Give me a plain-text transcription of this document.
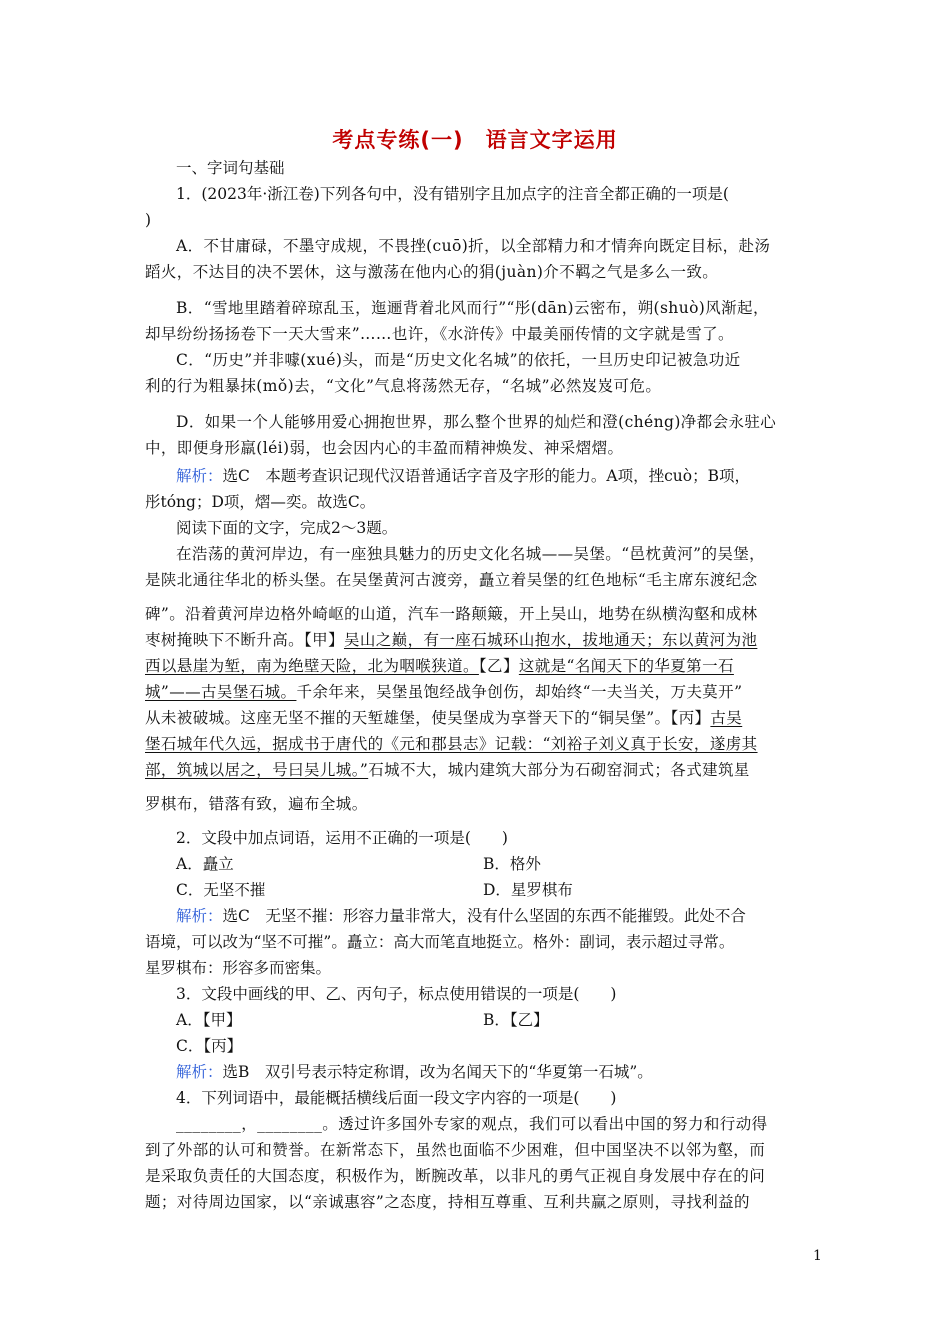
考点专练(一) 语言文字运用
一、字词句基础
1．(2023年·浙江卷)下列各句中，没有错别字且加点字的注音全都正确的一项是(
)
A．不甘庸碌，不墨守成规，不畏挫(cuō)折，以全部精力和才情奔向既定目标，赴汤
蹈火，不达目的决不罢休，这与激荡在他内心的狷(juàn)介不羁之气是多么一致。
B．“雪地里踏着碎琼乱玉，迤逦背着北风而行”“彤(dān)云密布，朔(shuò)风渐起，
却早纷纷扬扬卷下一天大雪来”……也许，《水浒传》中最美丽传情的文字就是雪了。
C．“历史”并非噱(xué)头，而是“历史文化名城”的依托，一旦历史印记被急功近
利的行为粗暴抹(mǒ)去，“文化”气息将荡然无存，“名城”必然岌岌可危。
D．如果一个人能够用爱心拥抱世界，那么整个世界的灿烂和澄(chéng)净都会永驻心
中，即便身形羸(léi)弱，也会因内心的丰盈而精神焕发、神采熠熠。
解析：选C　本题考查识记现代汉语普通话字音及字形的能力。A项，挫cuò；B项，
彤tóng；D项，熠—奕。故选C。
阅读下面的文字，完成2～3题。
在浩荡的黄河岸边，有一座独具魅力的历史文化名城——吴堡。“邑枕黄河”的吴堡，
是陕北通往华北的桥头堡。在吴堡黄河古渡旁，矗立着吴堡的红色地标“毛主席东渡纪念
碑”。沿着黄河岸边格外崎岖的山道，汽车一路颠簸，开上吴山，地势在纵横沟壑和成林
枣树掩映下不断升高。【甲】吴山之巅，有一座石城环山抱水，拔地通天；东以黄河为池
西以悬崖为堑，南为绝壁天险，北为咽喉狭道。【乙】这就是“名闻天下的华夏第一石
城”——古吴堡石城。千余年来，吴堡虽饱经战争创伤，却始终“一夫当关，万夫莫开”
从未被破城。这座无坚不摧的天堑雄堡，使吴堡成为享誉天下的“铜吴堡”。【丙】古吴
堡石城年代久远，据成书于唐代的《元和郡县志》记载：“刘裕子刘义真于长安，遂虏其
部，筑城以居之，号曰吴儿城。”石城不大，城内建筑大部分为石砌窑洞式；各式建筑星
罗棋布，错落有致，遍布全城。
2．文段中加点词语，运用不正确的一项是(　　)
A．矗立	B．格外
C．无坚不摧	D．星罗棋布
解析：选C　无坚不摧：形容力量非常大，没有什么坚固的东西不能摧毁。此处不合
语境，可以改为“坚不可摧”。矗立：高大而笔直地挺立。格外：副词，表示超过寻常。
星罗棋布：形容多而密集。
3．文段中画线的甲、乙、丙句子，标点使用错误的一项是(　　)
A．【甲】	B．【乙】
C．【丙】
解析：选B　双引号表示特定称谓，改为名闻天下的“华夏第一石城”。
4．下列词语中，最能概括横线后面一段文字内容的一项是(　　)
________，________。透过许多国外专家的观点，我们可以看出中国的努力和行动得
到了外部的认可和赞誉。在新常态下，虽然也面临不少困难，但中国坚决不以邻为壑，而
是采取负责任的大国态度，积极作为，断腕改革，以非凡的勇气正视自身发展中存在的问
题；对待周边国家，以“亲诚惠容”之态度，持相互尊重、互利共赢之原则，寻找利益的
1
